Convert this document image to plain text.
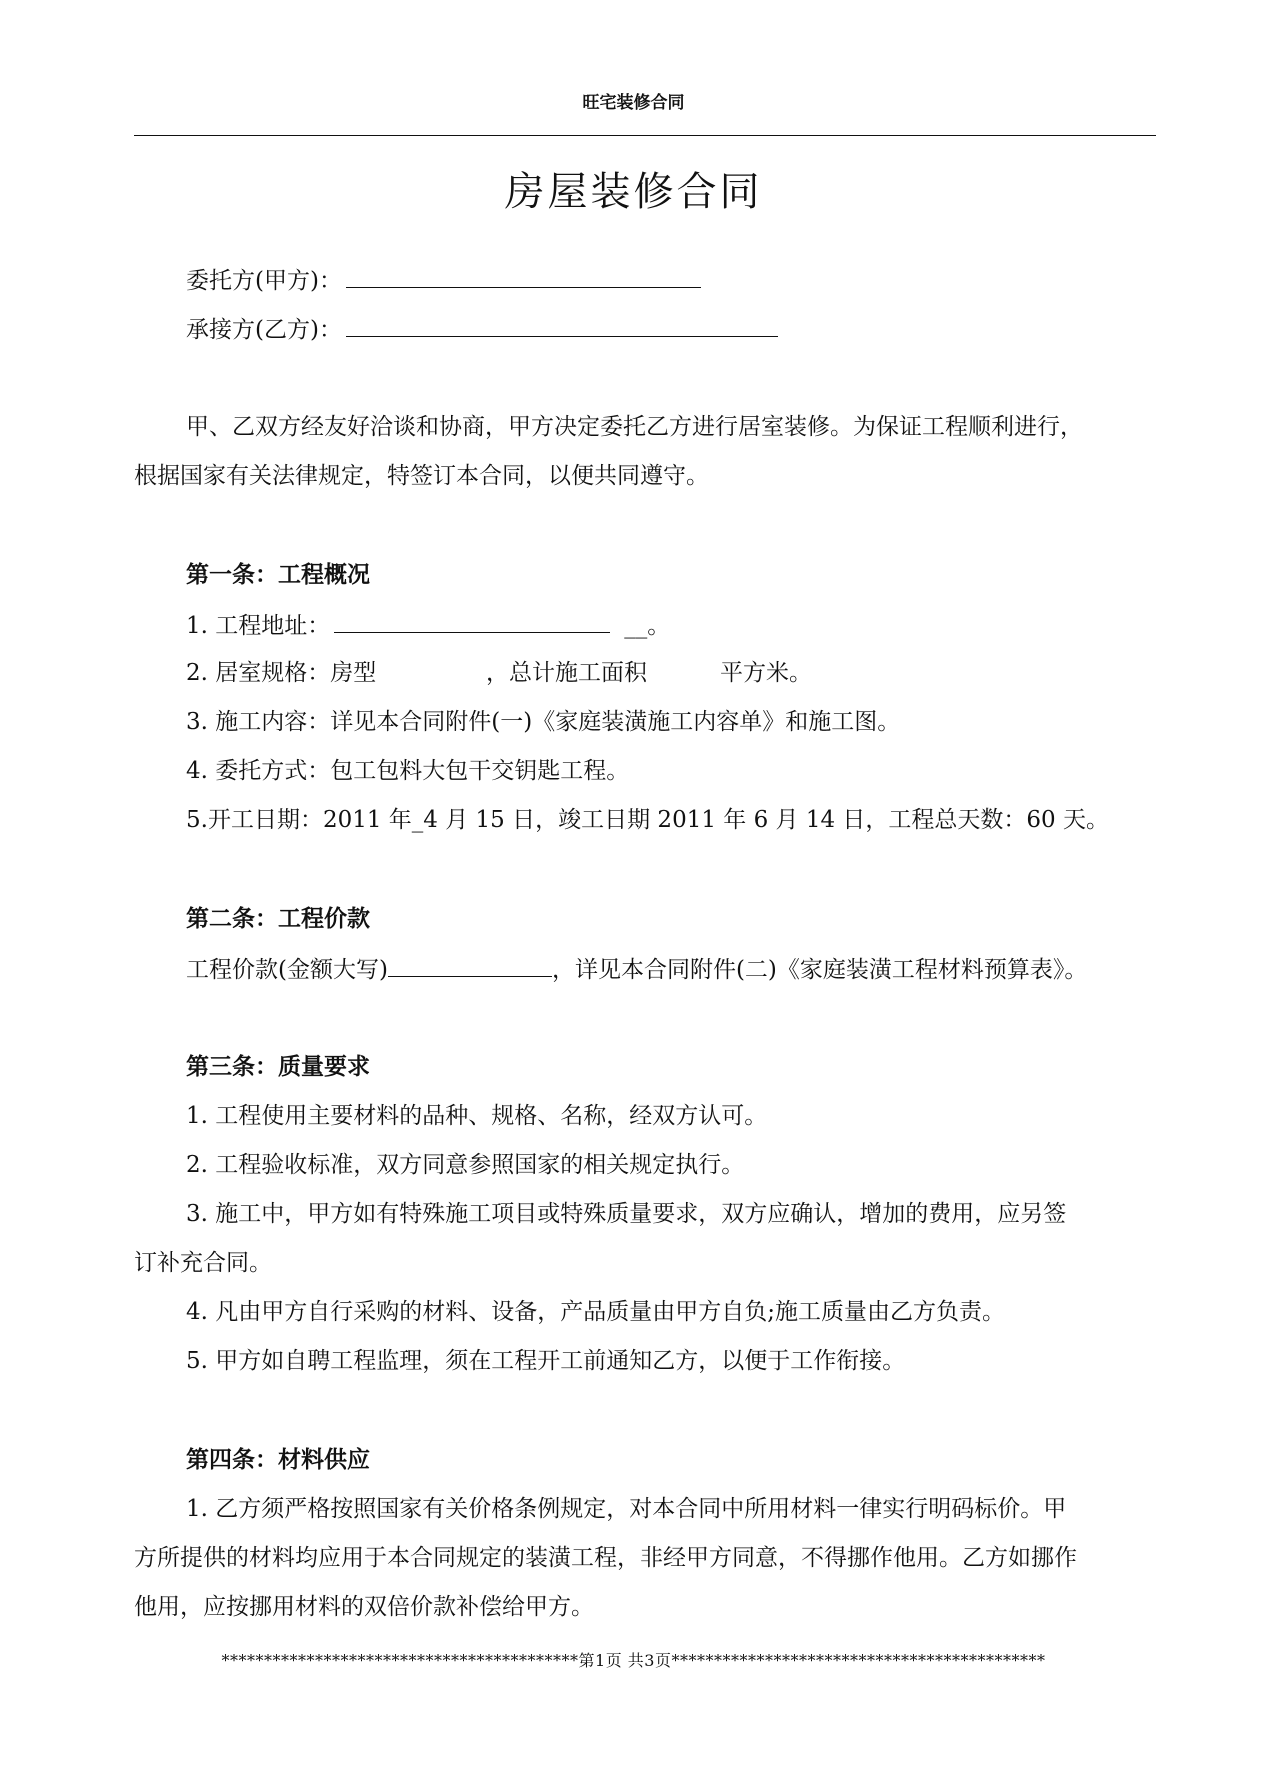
旺宅装修合同
房屋装修合同
委托方(甲方)：
承接方(乙方)：
甲、乙双方经友好洽谈和协商，甲方决定委托乙方进行居室装修。为保证工程顺利进行，
根据国家有关法律规定，特签订本合同，以便共同遵守。
第一条：工程概况
1. 工程地址：	__。
2. 居室规格：房型	，总计施工面积	平方米。
3. 施工内容：详见本合同附件(一)《家庭装潢施工内容单》和施工图。
4. 委托方式：包工包料大包干交钥匙工程。
5.开工日期：2011 年_4 月 15 日，竣工日期 2011 年 6 月 14 日，工程总天数：60 天。
第二条：工程价款
工程价款(金额大写)	，详见本合同附件(二)《家庭装潢工程材料预算表》。
第三条：质量要求
1. 工程使用主要材料的品种、规格、名称，经双方认可。
2. 工程验收标准，双方同意参照国家的相关规定执行。
3. 施工中，甲方如有特殊施工项目或特殊质量要求，双方应确认，增加的费用，应另签
订补充合同。
4. 凡由甲方自行采购的材料、设备，产品质量由甲方自负;施工质量由乙方负责。
5. 甲方如自聘工程监理，须在工程开工前通知乙方，以便于工作衔接。
第四条：材料供应
1. 乙方须严格按照国家有关价格条例规定，对本合同中所用材料一律实行明码标价。甲
方所提供的材料均应用于本合同规定的装潢工程，非经甲方同意，不得挪作他用。乙方如挪作
他用，应按挪用材料的双倍价款补偿给甲方。
******************************************第1页 共3页********************************************
